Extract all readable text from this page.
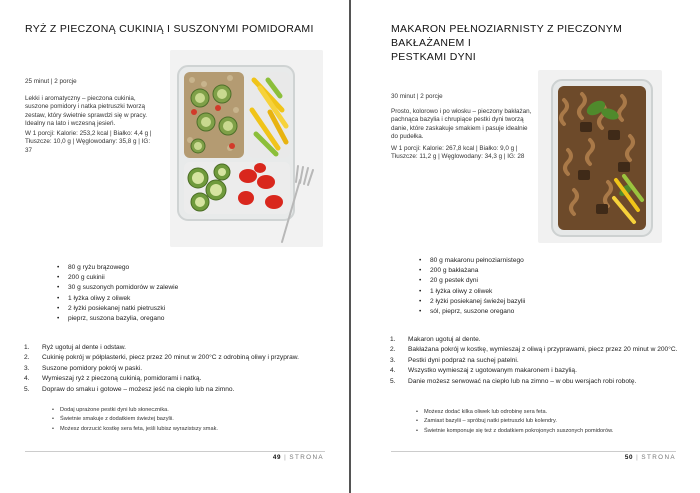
RYŻ Z PIECZONĄ CUKINIĄ I SUSZONYMI POMIDORAMI
25 minut | 2 porcje
Lekki i aromatyczny – pieczona cukinia, suszone pomidory i natka pietruszki tworzą zestaw, który świetnie sprawdzi się w pracy. Idealny na lato i wczesną jesień.
W 1 porcji: Kalorie: 253,2 kcal | Białko: 4,4 g | Tłuszcze: 10,0 g | Węglowodany: 35,8 g | IG: 37
• 80 g ryżu brązowego
• 200 g cukinii
• 30 g suszonych pomidorów w zalewie
• 1 łyżka oliwy z oliwek
• 2 łyżki posiekanej natki pietruszki
• pieprz, suszona bazylia, oregano
1. Ryż ugotuj al dente i odstaw.
2. Cukinię pokrój w półplasterki, piecz przez 20 minut w 200°C z odrobiną oliwy i przypraw.
3. Suszone pomidory pokrój w paski.
4. Wymieszaj ryż z pieczoną cukinią, pomidorami i natką.
5. Dopraw do smaku i gotowe – możesz jeść na ciepło lub na zimno.
• Dodaj uprażone pestki dyni lub słonecznika.
• Świetnie smakuje z dodatkiem świeżej bazylii.
• Możesz dorzucić kostkę sera feta, jeśli lubisz wyrazistszy smak.
49 | STRONA
MAKARON PEŁNOZIARNISTY Z PIECZONYM BAKŁAŻANEM I
PESTKAMI DYNI
30 minut | 2 porcje
Prosto, kolorowo i po włosku – pieczony bakłażan, pachnąca bazylia i chrupiące pestki dyni tworzą danie, które zaskakuje smakiem i pasuje idealnie do pudełka.
W 1 porcji: Kalorie: 267,8 kcal | Białko: 9,0 g | Tłuszcze: 11,2 g | Węglowodany: 34,3 g | IG: 28
• 80 g makaronu pełnoziarnistego
• 200 g bakłażana
• 20 g pestek dyni
• 1 łyżka oliwy z oliwek
• 2 łyżki posiekanej świeżej bazylii
• sól, pieprz, suszone oregano
1. Makaron ugotuj al dente.
2. Bakłażana pokrój w kostkę, wymieszaj z oliwą i przyprawami, piecz przez 20 minut w 200°C.
3. Pestki dyni podpraż na suchej patelni.
4. Wszystko wymieszaj z ugotowanym makaronem i bazylią.
5. Danie możesz serwować na ciepło lub na zimno – w obu wersjach robi robotę.
• Możesz dodać kilka oliwek lub odrobinę sera feta.
• Zamiast bazylii – spróbuj natki pietruszki lub kolendry.
• Świetnie komponuje się też z dodatkiem pokrojonych suszonych pomidorów.
50 | STRONA
